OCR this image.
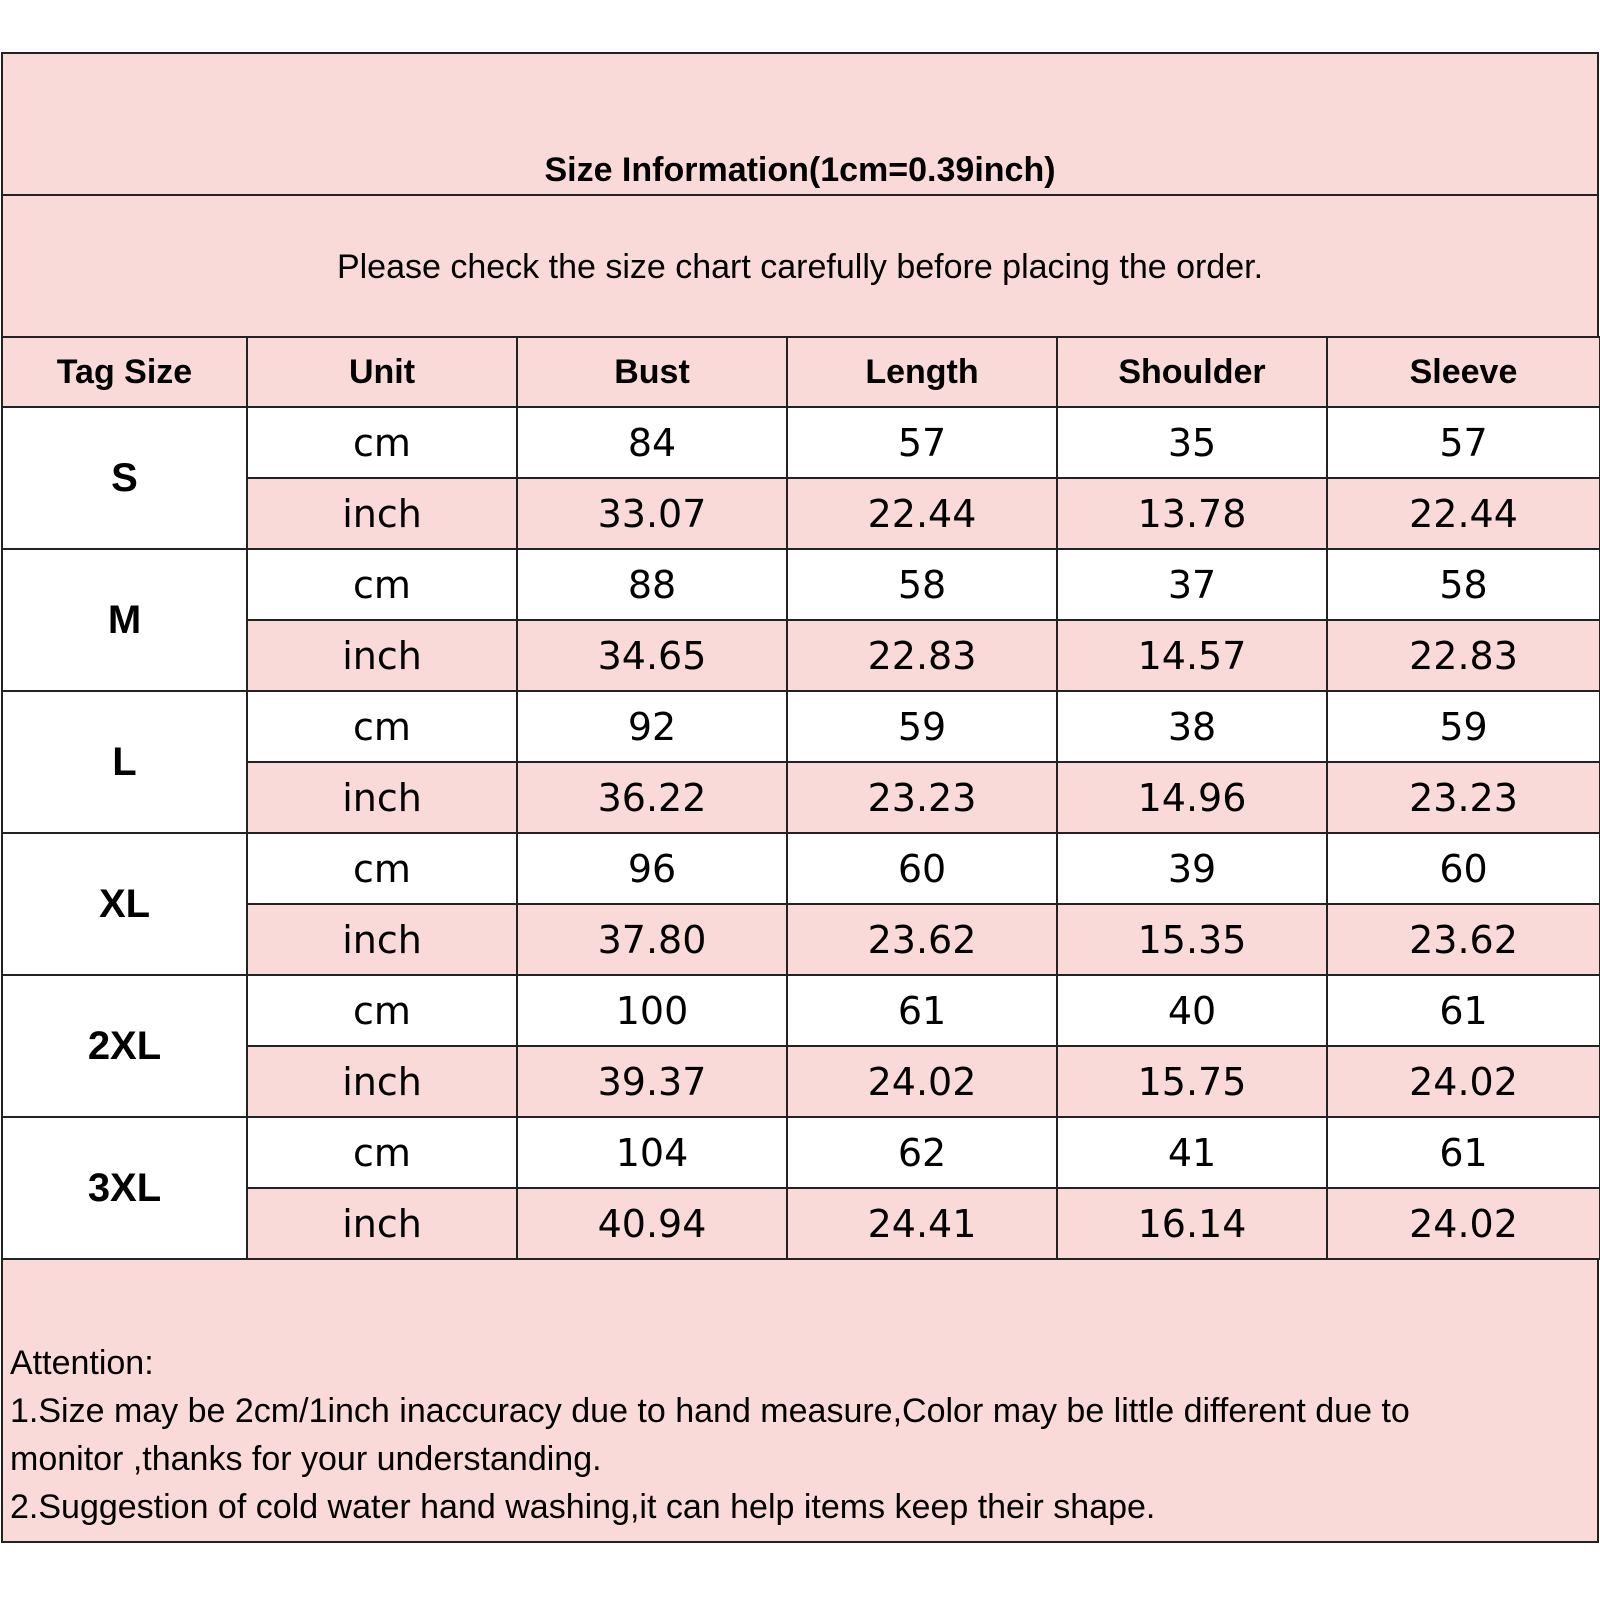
Size Information(1cm=0.39inch)
Please check the size chart carefully before placing the order.
Tag Size	Unit	Bust	Length	Shoulder	Sleeve
S	cm	84	57	35	57
	inch	33.07	22.44	13.78	22.44
M	cm	88	58	37	58
	inch	34.65	22.83	14.57	22.83
L	cm	92	59	38	59
	inch	36.22	23.23	14.96	23.23
XL	cm	96	60	39	60
	inch	37.80	23.62	15.35	23.62
2XL	cm	100	61	40	61
	inch	39.37	24.02	15.75	24.02
3XL	cm	104	62	41	61
	inch	40.94	24.41	16.14	24.02
Attention:
1.Size may be 2cm/1inch inaccuracy due to hand measure,Color may be little different due to
monitor ,thanks for your understanding.
2.Suggestion of cold water hand washing,it can help items keep their shape.
